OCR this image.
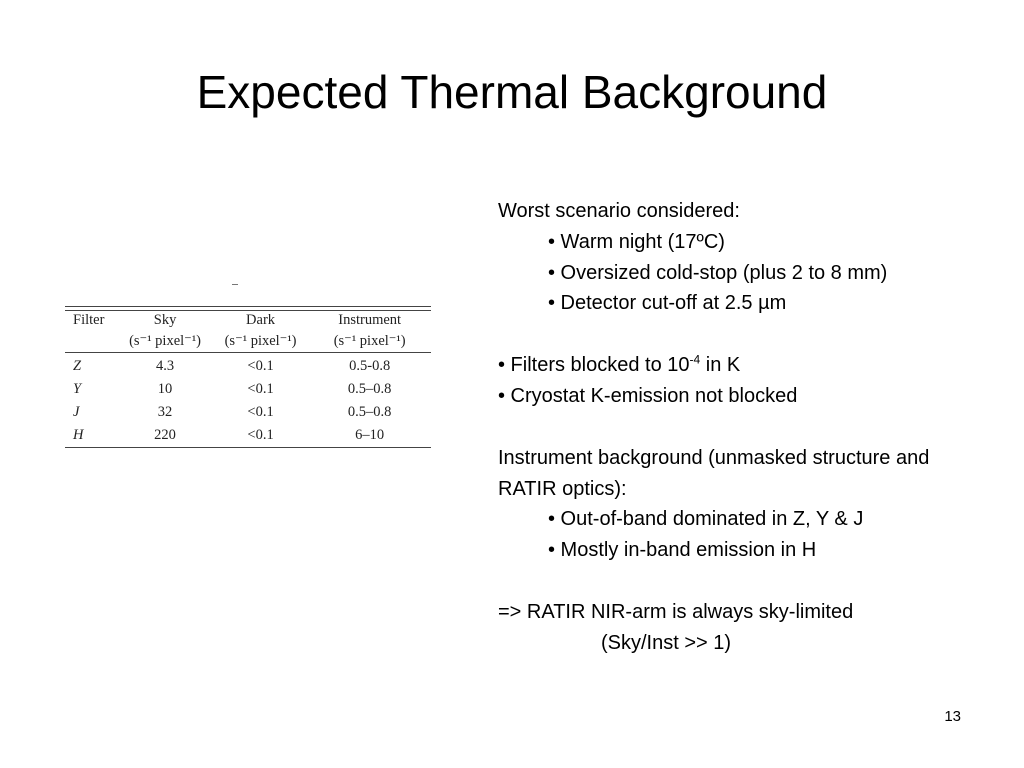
Expected Thermal Background
Filter	Sky	Dark	Instrument
	(s⁻¹ pixel⁻¹)	(s⁻¹ pixel⁻¹)	(s⁻¹ pixel⁻¹)
Z	4.3	<0.1	0.5-0.8
Y	10	<0.1	0.5–0.8
J	32	<0.1	0.5–0.8
H	220	<0.1	6–10
Worst scenario considered:
• Warm night (17ºC)
• Oversized cold-stop (plus 2 to 8 mm)
• Detector cut-off at 2.5 µm
• Filters blocked to $10^{-4}$ in K
• Cryostat K-emission not blocked
Instrument background (unmasked structure and RATIR optics):
• Out-of-band dominated in Z, Y & J
• Mostly in-band emission in H
=> RATIR NIR-arm is always sky-limited
(Sky/Inst >> 1)
13
